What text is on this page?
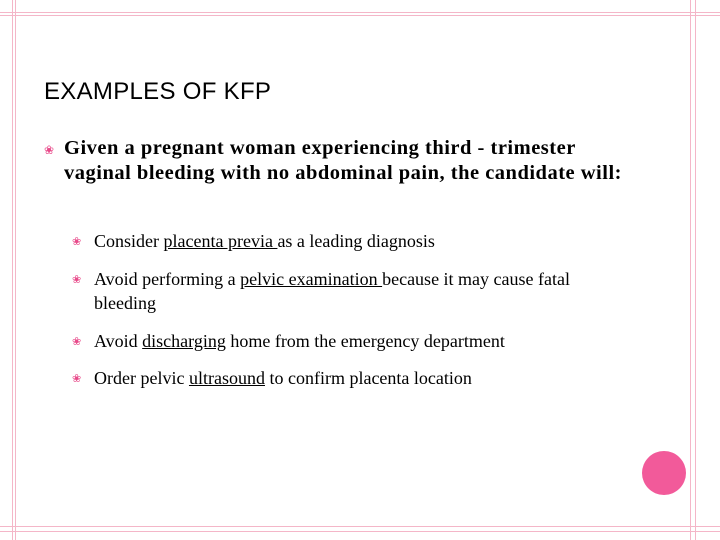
EXAMPLES OF KFP
❀ Given a pregnant woman experiencing third - trimester vaginal bleeding with no abdominal pain, the candidate will:
❀ Consider placenta previa as a leading diagnosis
❀ Avoid performing a pelvic examination because it may cause fatal bleeding
❀ Avoid discharging home from the emergency department
❀ Order pelvic ultrasound to confirm placenta location
